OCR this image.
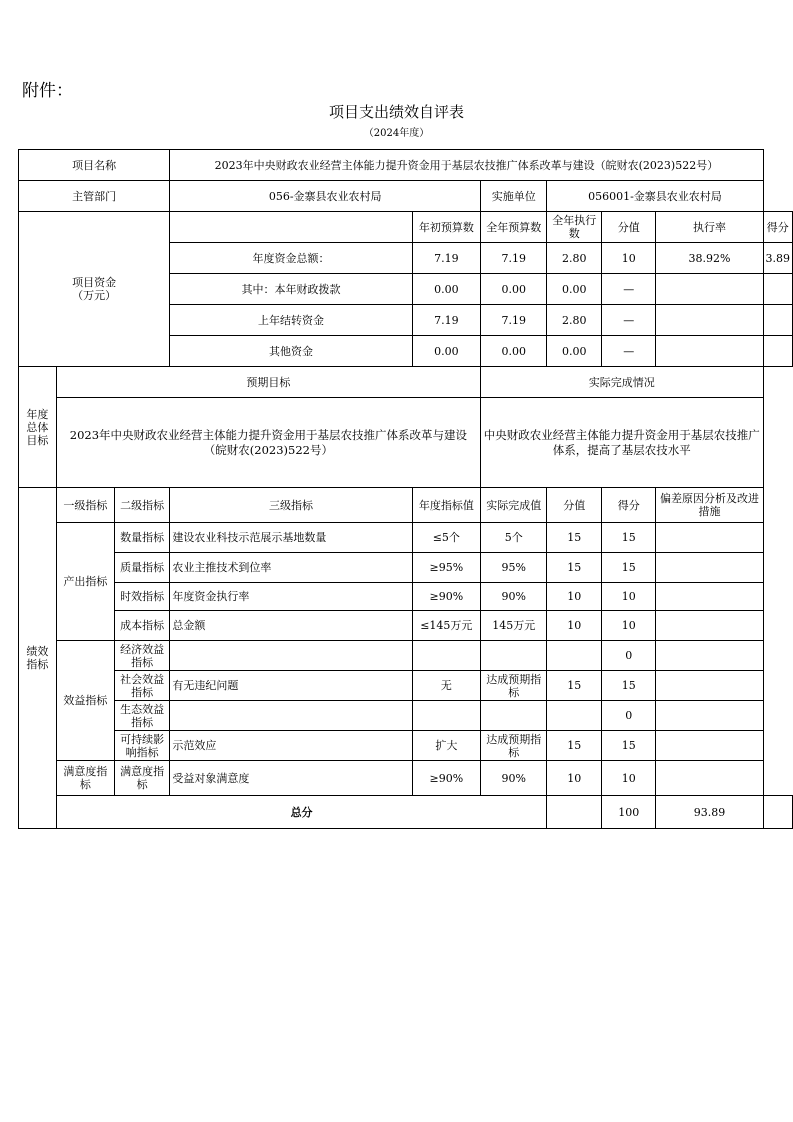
附件：
项目支出绩效自评表
（2024年度）
项目名称			2023年中央财政农业经营主体能力提升资金用于基层农技推广体系改革与建设（皖财农(2023)522号）						
主管部门			056-金寨县农业农村局		实施单位	056001-金寨县农业农村局			
项目资金（万元）				年初预算数	全年预算数	全年执行数	分值	执行率	得分
			年度资金总额：	7.19	7.19	2.80	10	38.92%	3.89
			其中：本年财政拨款	0.00	0.00	0.00	—		
			上年结转资金	7.19	7.19	2.80	—		
			其他资金	0.00	0.00	0.00	—		
年度总体目标	预期目标				实际完成情况				
	2023年中央财政农业经营主体能力提升资金用于基层农技推广体系改革与建设（皖财农(2023)522号）				中央财政农业经营主体能力提升资金用于基层农技推广体系，提高了基层农技水平				
绩效指标	一级指标	二级指标	三级指标	年度指标值	实际完成值	分值	得分	偏差原因分析及改进措施	
	产出指标	数量指标	建设农业科技示范展示基地数量	≤5个	5个	15	15		
		质量指标	农业主推技术到位率	≥95%	95%	15	15		
		时效指标	年度资金执行率	≥90%	90%	10	10		
		成本指标	总金额	≤145万元	145万元	10	10		
	效益指标	经济效益指标					0		
		社会效益指标	有无违纪问题	无	达成预期指标	15	15		
		生态效益指标					0		
		可持续影响指标	示范效应	扩大	达成预期指标	15	15		
	满意度指标	满意度指标	受益对象满意度	≥90%	90%	10	10		
	总分						100	93.89	
